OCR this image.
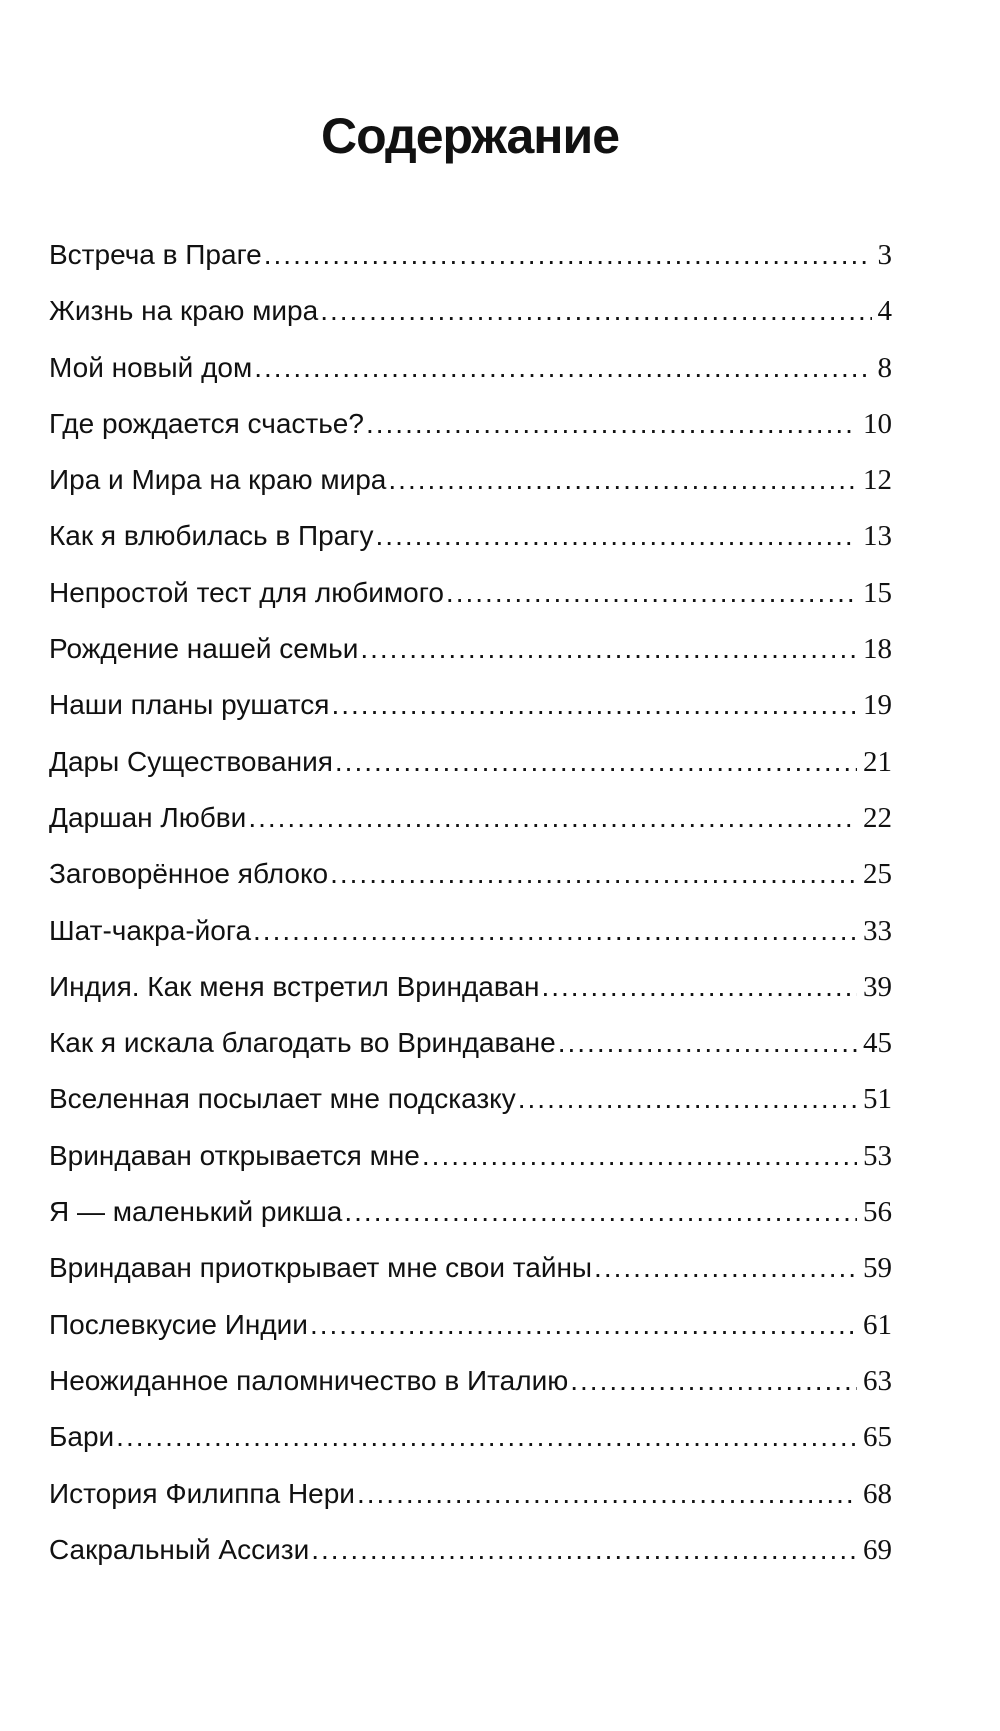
Содержание
Встреча в Праге .....	3
Жизнь на краю мира .....	4
Мой новый дом .....	8
Где рождается счастье? .....	10
Ира и Мира на краю мира .....	12
Как я влюбилась в Прагу .....	13
Непростой тест для любимого .....	15
Рождение нашей семьи .....	18
Наши планы рушатся .....	19
Дары Существования .....	21
Даршан Любви .....	22
Заговорённое яблоко .....	25
Шат-чакра-йога .....	33
Индия. Как меня встретил Вриндаван .....	39
Как я искала благодать во Вриндаване .....	45
Вселенная посылает мне подсказку .....	51
Вриндаван открывается мне .....	53
Я — маленький рикша .....	56
Вриндаван приоткрывает мне свои тайны .....	59
Послевкусие Индии .....	61
Неожиданное паломничество в Италию .....	63
Бари .....	65
История Филиппа Нери .....	68
Сакральный Ассизи .....	69
